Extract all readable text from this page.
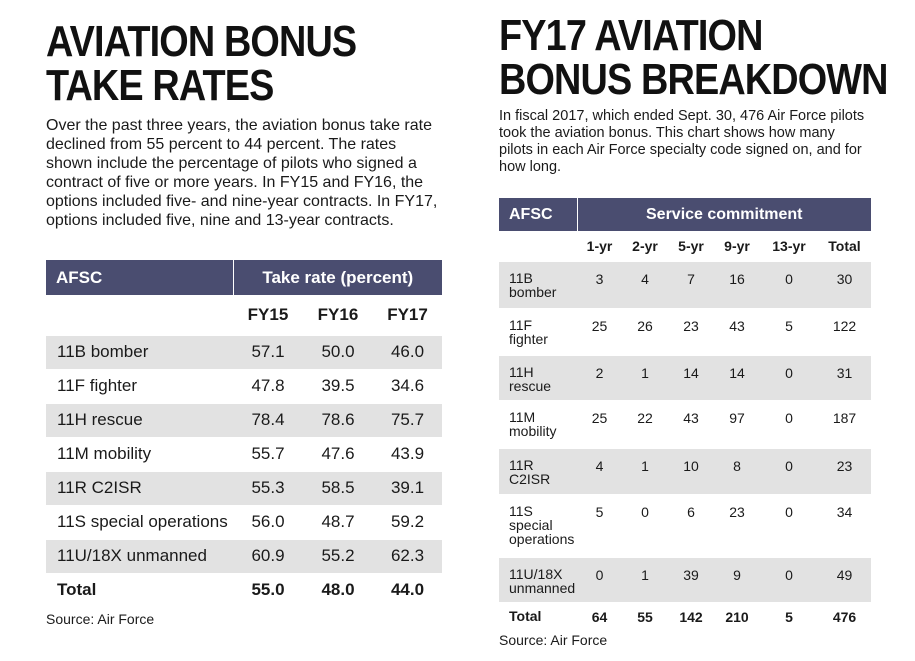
AVIATION BONUS
TAKE RATES

Over the past three years, the aviation bonus take rate declined from 55 percent to 44 percent. The rates shown include the percentage of pilots who signed a contract of five or more years. In FY15 and FY16, the options included five- and nine-year contracts. In FY17, options included five, nine and 13-year contracts.

AFSC	Take rate (percent)		
	FY15	FY16	FY17
11B bomber	57.1	50.0	46.0
11F fighter	47.8	39.5	34.6
11H rescue	78.4	78.6	75.7
11M mobility	55.7	47.6	43.9
11R C2ISR	55.3	58.5	39.1
11S special operations	56.0	48.7	59.2
11U/18X unmanned	60.9	55.2	62.3
Total	55.0	48.0	44.0
Source: Air Force
FY17 AVIATION
BONUS BREAKDOWN

In fiscal 2017, which ended Sept. 30, 476 Air Force pilots took the aviation bonus. This chart shows how many pilots in each Air Force specialty code signed on, and for how long.

AFSC	Service commitment					
	1-yr	2-yr	5-yr	9-yr	13-yr	Total

11B
bomber	3	4	7	16	0	30

11F
fighter	25	26	23	43	5	122

11H
rescue	2	1	14	14	0	31

11M
mobility	25	22	43	97	0	187

11R
C2ISR	4	1	10	8	0	23

11S
special
operations	5	0	6	23	0	34

11U/18X
unmanned	0	1	39	9	0	49
Total	64	55	142	210	5	476
Source: Air Force
